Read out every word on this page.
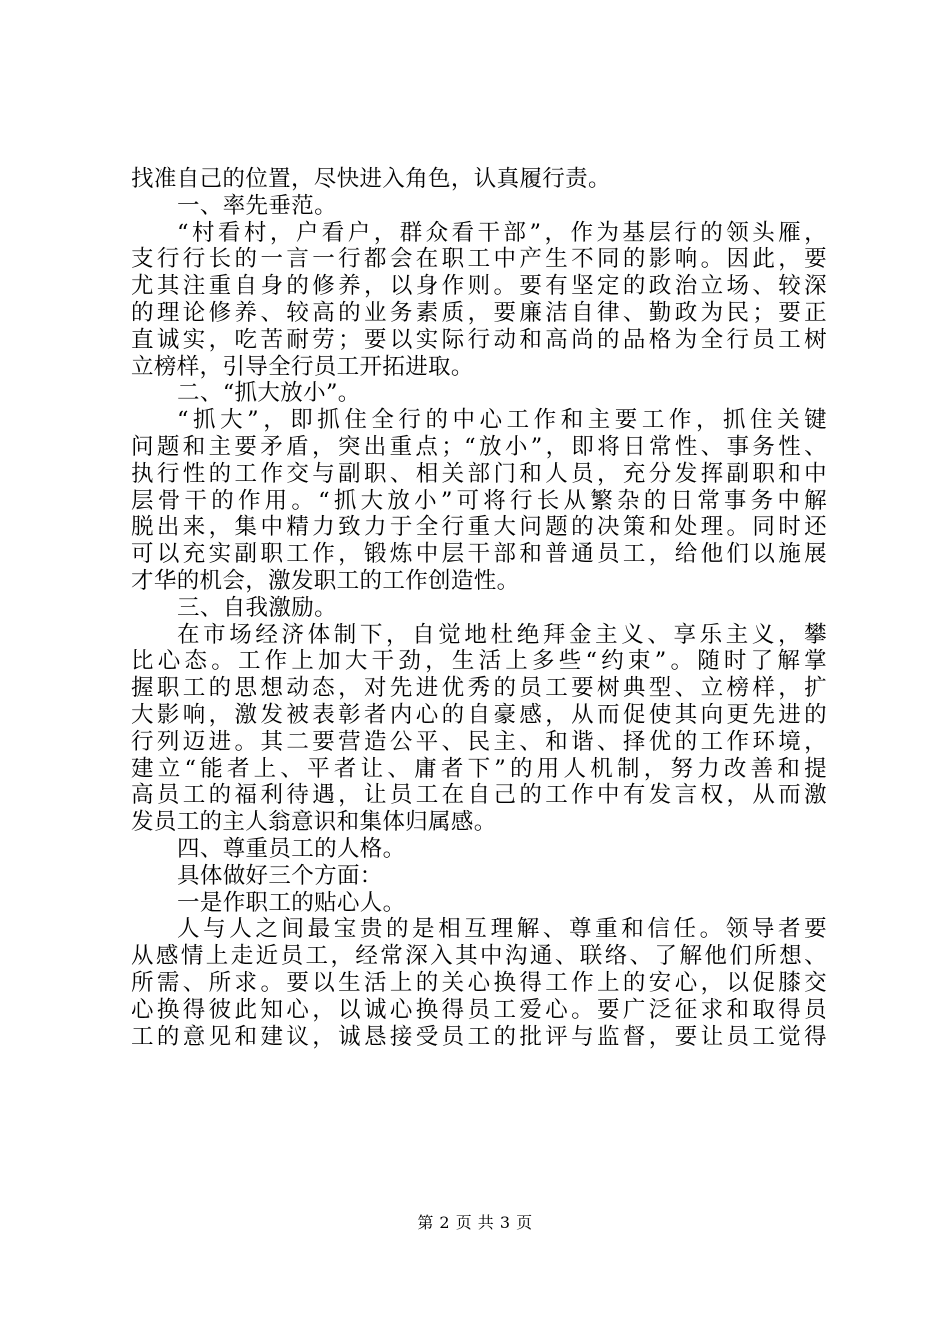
找准自己的位置，尽快进入角色，认真履行责。
一、率先垂范。
“村看村，户看户，群众看干部”，作为基层行的领头雁，
支行行长的一言一行都会在职工中产生不同的影响。因此，要
尤其注重自身的修养，以身作则。要有坚定的政治立场、较深
的理论修养、较高的业务素质，要廉洁自律、勤政为民；要正
直诚实，吃苦耐劳；要以实际行动和高尚的品格为全行员工树
立榜样，引导全行员工开拓进取。
二、“抓大放小”。
“抓大”，即抓住全行的中心工作和主要工作，抓住关键
问题和主要矛盾，突出重点；“放小”，即将日常性、事务性、
执行性的工作交与副职、相关部门和人员，充分发挥副职和中
层骨干的作用。“抓大放小”可将行长从繁杂的日常事务中解
脱出来，集中精力致力于全行重大问题的决策和处理。同时还
可以充实副职工作，锻炼中层干部和普通员工，给他们以施展
才华的机会，激发职工的工作创造性。
三、自我激励。
在市场经济体制下，自觉地杜绝拜金主义、享乐主义，攀
比心态。工作上加大干劲，生活上多些“约束”。随时了解掌
握职工的思想动态，对先进优秀的员工要树典型、立榜样，扩
大影响，激发被表彰者内心的自豪感，从而促使其向更先进的
行列迈进。其二要营造公平、民主、和谐、择优的工作环境，
建立“能者上、平者让、庸者下”的用人机制，努力改善和提
高员工的福利待遇，让员工在自己的工作中有发言权，从而激
发员工的主人翁意识和集体归属感。
四、尊重员工的人格。
具体做好三个方面：
一是作职工的贴心人。
人与人之间最宝贵的是相互理解、尊重和信任。领导者要
从感情上走近员工，经常深入其中沟通、联络、了解他们所想、
所需、所求。要以生活上的关心换得工作上的安心，以促膝交
心换得彼此知心，以诚心换得员工爱心。要广泛征求和取得员
工的意见和建议，诚恳接受员工的批评与监督，要让员工觉得
第 2 页 共 3 页
